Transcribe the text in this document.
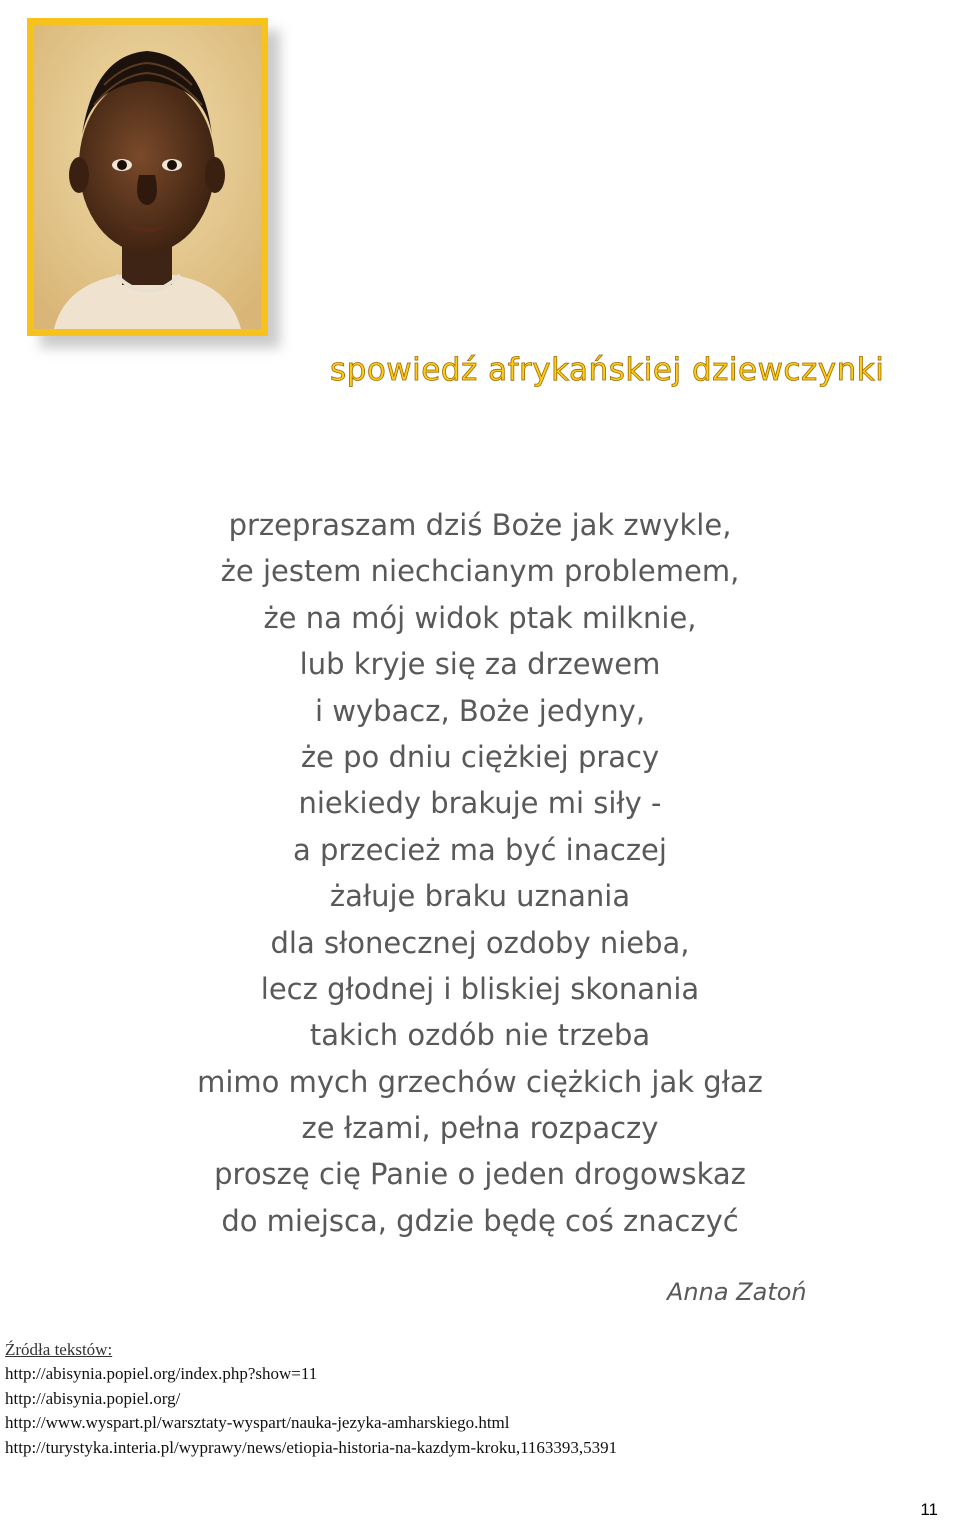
spowiedź afrykańskiej dziewczynki
przepraszam dziś Boże jak zwykle,
że jestem niechcianym problemem,
że na mój widok ptak milknie,
lub kryje się za drzewem
i wybacz, Boże jedyny,
że po dniu ciężkiej pracy
niekiedy brakuje mi siły -
a przecież ma być inaczej
żałuje braku uznania
dla słonecznej ozdoby nieba,
lecz głodnej i bliskiej skonania
takich ozdób nie trzeba
mimo mych grzechów ciężkich jak głaz
ze łzami, pełna rozpaczy
proszę cię Panie o jeden drogowskaz
do miejsca, gdzie będę coś znaczyć
Anna Zatoń
Źródła tekstów:
http://abisynia.popiel.org/index.php?show=11
http://abisynia.popiel.org/
http://www.wyspart.pl/warsztaty-wyspart/nauka-jezyka-amharskiego.html
http://turystyka.interia.pl/wyprawy/news/etiopia-historia-na-kazdym-kroku,1163393,5391
11
